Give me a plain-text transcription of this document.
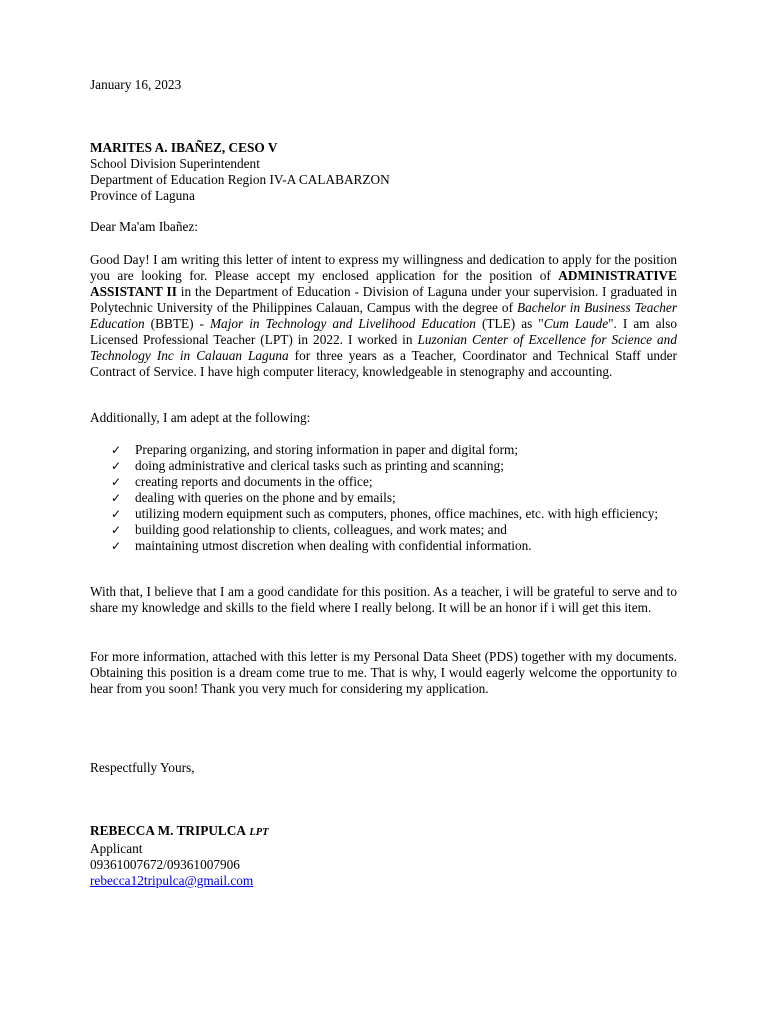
January 16, 2023

MARITES A. IBAÑEZ, CESO V

School Division Superintendent

Department of Education Region IV-A CALABARZON

Province of Laguna

Dear Ma'am Ibañez:

Good Day! I am writing this letter of intent to express my willingness and dedication to apply for the position you are looking for. Please accept my enclosed application for the position of ADMINISTRATIVE ASSISTANT II in the Department of Education - Division of Laguna under your supervision. I graduated in Polytechnic University of the Philippines Calauan, Campus with the degree of Bachelor in Business Teacher Education (BBTE) - Major in Technology and Livelihood Education (TLE) as "Cum Laude". I am also Licensed Professional Teacher (LPT) in 2022. I worked in Luzonian Center of Excellence for Science and Technology Inc in Calauan Laguna for three years as a Teacher, Coordinator and Technical Staff under Contract of Service. I have high computer literacy, knowledgeable in stenography and accounting.

Additionally, I am adept at the following:

✓ Preparing organizing, and storing information in paper and digital form;
✓ doing administrative and clerical tasks such as printing and scanning;
✓ creating reports and documents in the office;
✓ dealing with queries on the phone and by emails;
✓ utilizing modern equipment such as computers, phones, office machines, etc. with high efficiency;
✓ building good relationship to clients, colleagues, and work mates; and
✓ maintaining utmost discretion when dealing with confidential information.

With that, I believe that I am a good candidate for this position. As a teacher, i will be grateful to serve and to share my knowledge and skills to the field where I really belong. It will be an honor if i will get this item.

For more information, attached with this letter is my Personal Data Sheet (PDS) together with my documents. Obtaining this position is a dream come true to me. That is why, I would eagerly welcome the opportunity to hear from you soon! Thank you very much for considering my application.

Respectfully Yours,

REBECCA M. TRIPULCA LPT

Applicant

09361007672/09361007906

rebecca12tripulca@gmail.com
